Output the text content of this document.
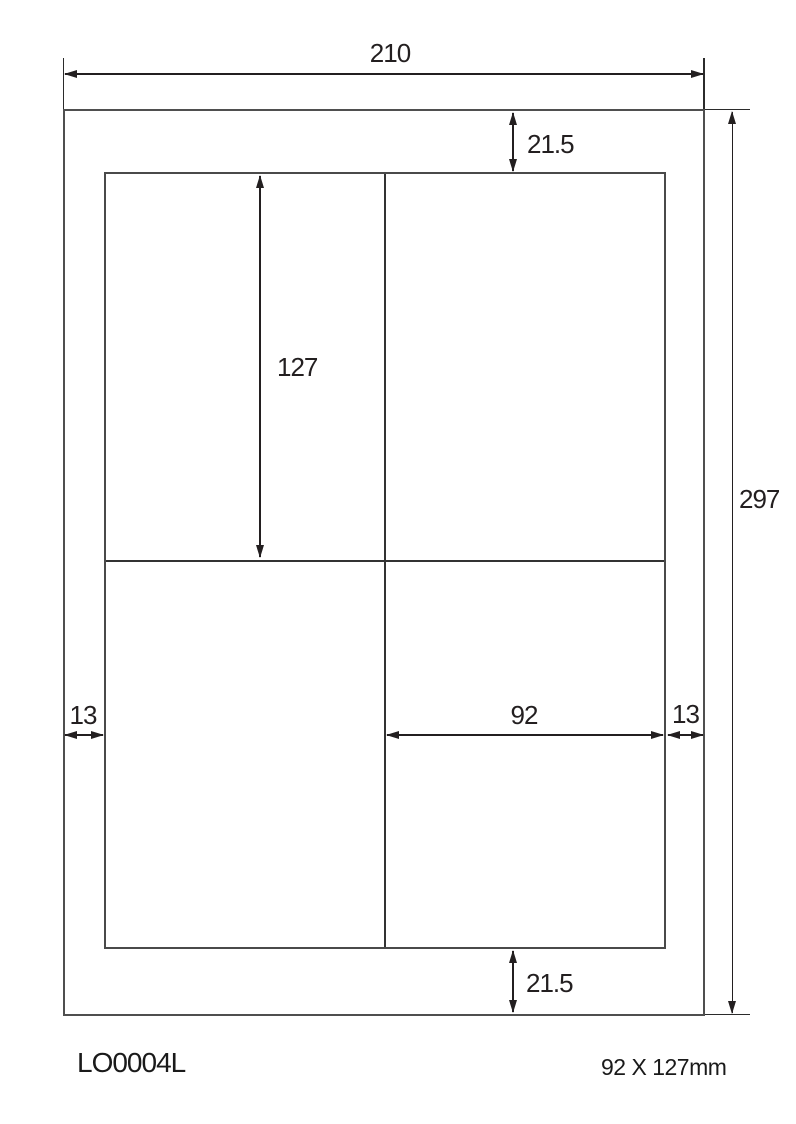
210
297
21.5
21.5
127
13	92	13
LO0004L	92 X 127mm
